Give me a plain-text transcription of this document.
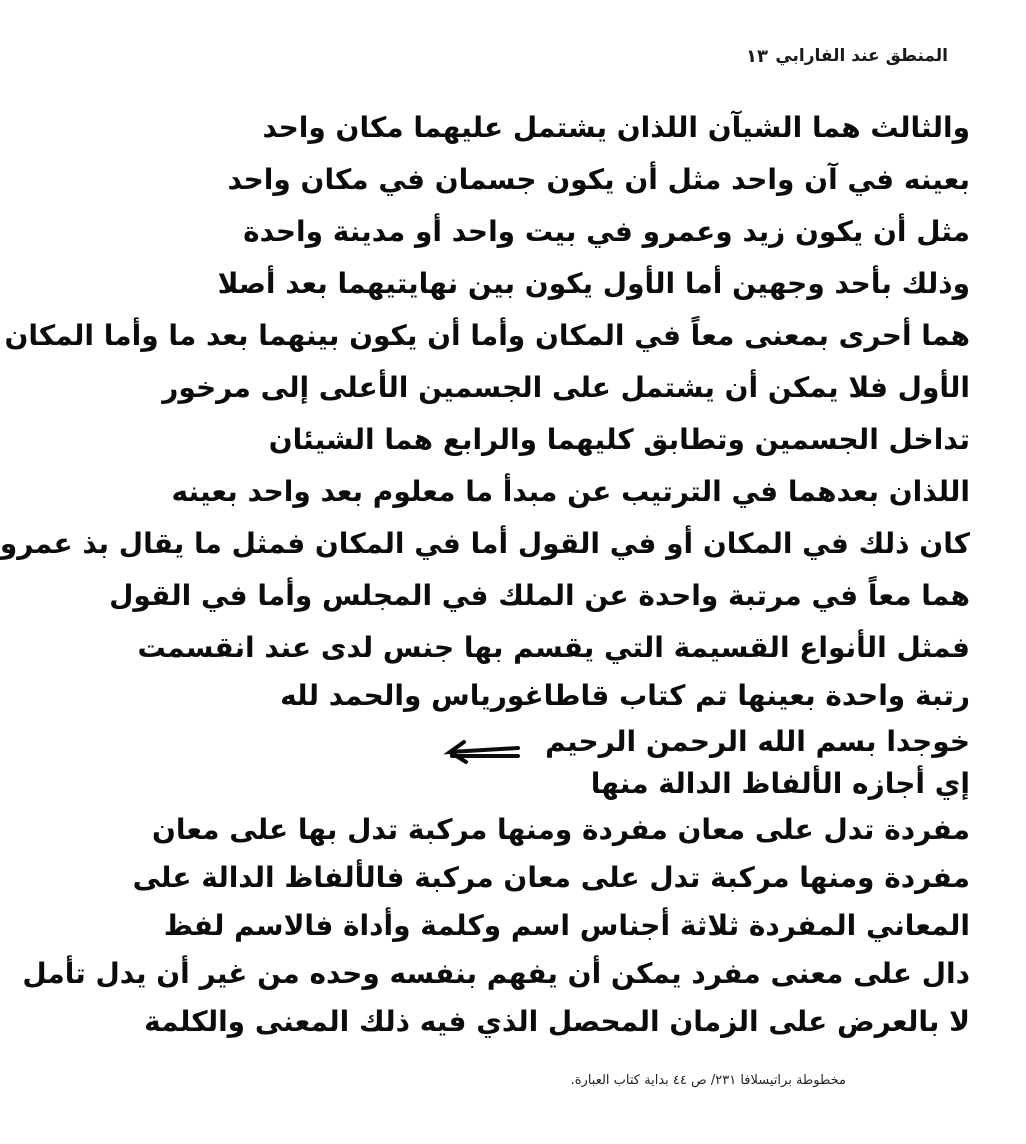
المنطق عند الفارابي
١٣
والثالث هما الشيآن اللذان يشتمل عليهما مكان واحد
بعينه في آن واحد مثل أن يكون جسمان في مكان واحد
مثل أن يكون زيد وعمرو في بيت واحد أو مدينة واحدة
وذلك بأحد وجهين أما الأول يكون بين نهايتيهما بعد أصلا
هما أحرى بمعنى معاً في المكان وأما أن يكون بينهما بعد ما وأما المكان
الأول فلا يمكن أن يشتمل على الجسمين الأعلى إلى مرخور
تداخل الجسمين وتطابق كليهما والرابع هما الشيئان
اللذان بعدهما في الترتيب عن مبدأ ما معلوم بعد واحد بعينه
كان ذلك في المكان أو في القول أما في المكان فمثل ما يقال بذ عمرو
هما معاً في مرتبة واحدة عن الملك في المجلس وأما في القول
فمثل الأنواع القسيمة التي يقسم بها جنس لدى عند انقسمت
رتبة واحدة بعينها تم كتاب قاطاغورياس والحمد لله
خوجدا بسم الله الرحمن الرحيم
إي أجازه الألفاظ الدالة منها
مفردة تدل على معان مفردة ومنها مركبة تدل بها على معان
مفردة ومنها مركبة تدل على معان مركبة فالألفاظ الدالة على
المعاني المفردة ثلاثة أجناس اسم وكلمة وأداة فالاسم لفظ
دال على معنى مفرد يمكن أن يفهم بنفسه وحده من غير أن يدل تأمل
لا بالعرض على الزمان المحصل الذي فيه ذلك المعنى والكلمة
مخطوطة براتيسلافا ٢٣١/ ص ٤٤ بداية كتاب العبارة.
